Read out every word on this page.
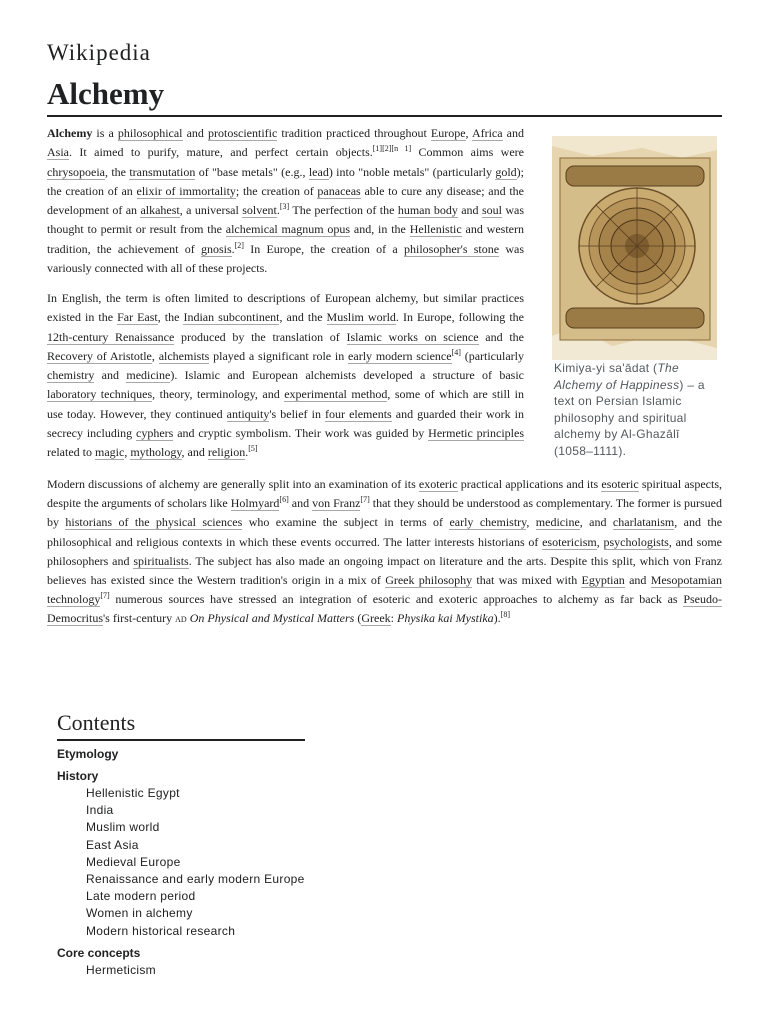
Wikipedia
Alchemy

Alchemy is a philosophical and protoscientific tradition practiced throughout Europe, Africa and Asia. It aimed to purify, mature, and perfect certain objects.[1][2][n 1] Common aims were chrysopoeia, the transmutation of "base metals" (e.g., lead) into "noble metals" (particularly gold); the creation of an elixir of immortality; the creation of panaceas able to cure any disease; and the development of an alkahest, a universal solvent.[3] The perfection of the human body and soul was thought to permit or result from the alchemical magnum opus and, in the Hellenistic and western tradition, the achievement of gnosis.[2] In Europe, the creation of a philosopher's stone was variously connected with all of these projects.

In English, the term is often limited to descriptions of European alchemy, but similar practices existed in the Far East, the Indian subcontinent, and the Muslim world. In Europe, following the 12th-century Renaissance produced by the translation of Islamic works on science and the Recovery of Aristotle, alchemists played a significant role in early modern science[4] (particularly chemistry and medicine). Islamic and European alchemists developed a structure of basic laboratory techniques, theory, terminology, and experimental method, some of which are still in use today. However, they continued antiquity's belief in four elements and guarded their work in secrecy including cyphers and cryptic symbolism. Their work was guided by Hermetic principles related to magic, mythology, and religion.[5]

Modern discussions of alchemy are generally split into an examination of its exoteric practical applications and its esoteric spiritual aspects, despite the arguments of scholars like Holmyard[6] and von Franz[7] that they should be understood as complementary. The former is pursued by historians of the physical sciences who examine the subject in terms of early chemistry, medicine, and charlatanism, and the philosophical and religious contexts in which these events occurred. The latter interests historians of esotericism, psychologists, and some philosophers and spiritualists. The subject has also made an ongoing impact on literature and the arts. Despite this split, which von Franz believes has existed since the Western tradition's origin in a mix of Greek philosophy that was mixed with Egyptian and Mesopotamian technology[7] numerous sources have stressed an integration of esoteric and exoteric approaches to alchemy as far back as Pseudo-Democritus's first-century AD On Physical and Mystical Matters (Greek: Physika kai Mystika).[8]

Kimiya-yi sa'ādat (The Alchemy of Happiness) – a text on Persian Islamic philosophy and spiritual alchemy by Al-Ghazālī (1058–1111).
Contents
Etymology
History
Hellenistic Egypt
India
Muslim world
East Asia
Medieval Europe
Renaissance and early modern Europe
Late modern period
Women in alchemy
Modern historical research
Core concepts
Hermeticism
